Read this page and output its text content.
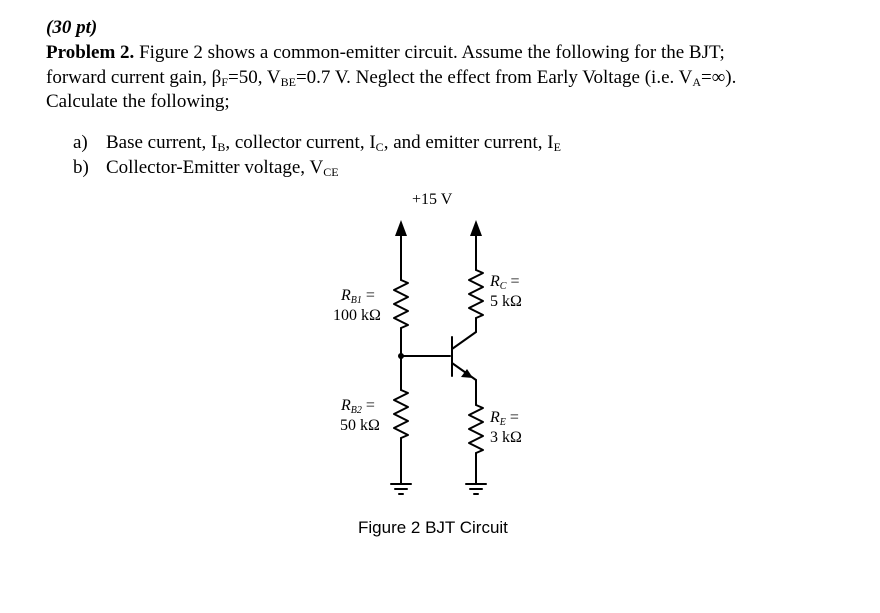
(30 pt)
Problem 2. Figure 2 shows a common-emitter circuit. Assume the following for the BJT;
forward current gain, $\beta_F=50$, $V_{BE}=0.7$ V. Neglect the effect from Early Voltage (i.e. $V_A=\infty$).
Calculate the following;
a) Base current, $I_B$, collector current, $I_C$, and emitter current, $I_E$
b) Collector-Emitter voltage, $V_{CE}$
+15 V
$R_{B1}$ =
100 kΩ
$R_{B2}$ =
50 kΩ
$R_C$ =
5 kΩ
$R_E$ =
3 kΩ
Figure 2 BJT Circuit
